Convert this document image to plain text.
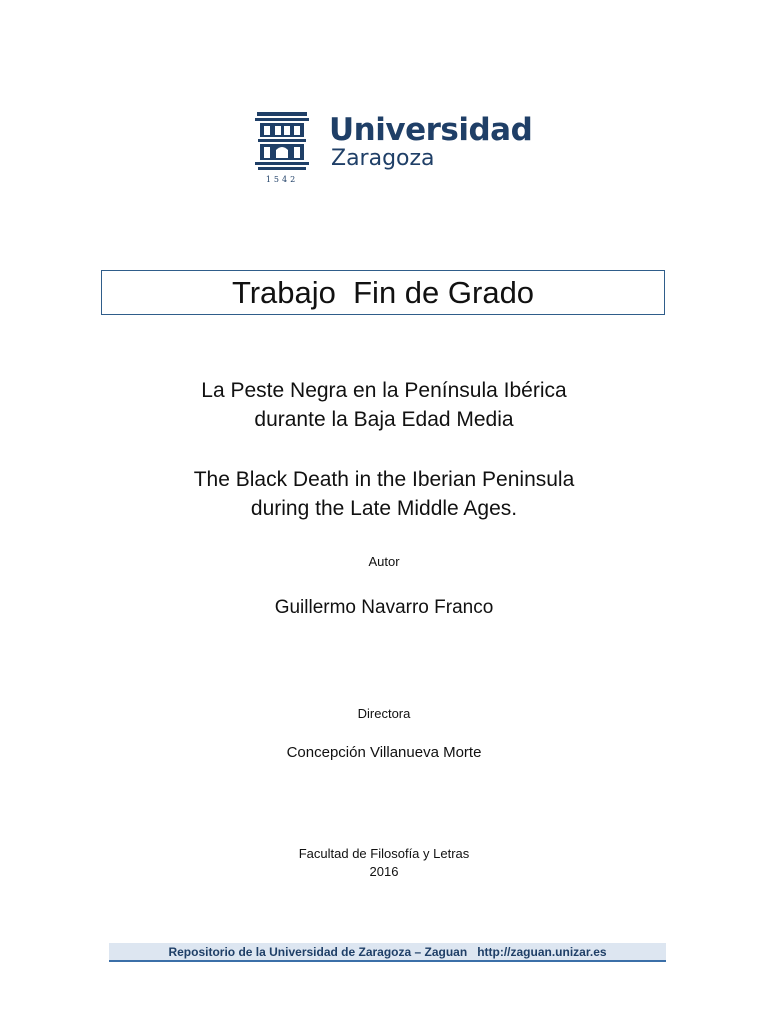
1542
Universidad
Zaragoza
Trabajo  Fin de Grado
La Peste Negra en la Península Ibérica
durante la Baja Edad Media
The Black Death in the Iberian Peninsula
during the Late Middle Ages.
Autor
Guillermo Navarro Franco
Directora
Concepción Villanueva Morte
Facultad de Filosofía y Letras
2016
Repositorio de la Universidad de Zaragoza – Zaguan   http://zaguan.unizar.es
